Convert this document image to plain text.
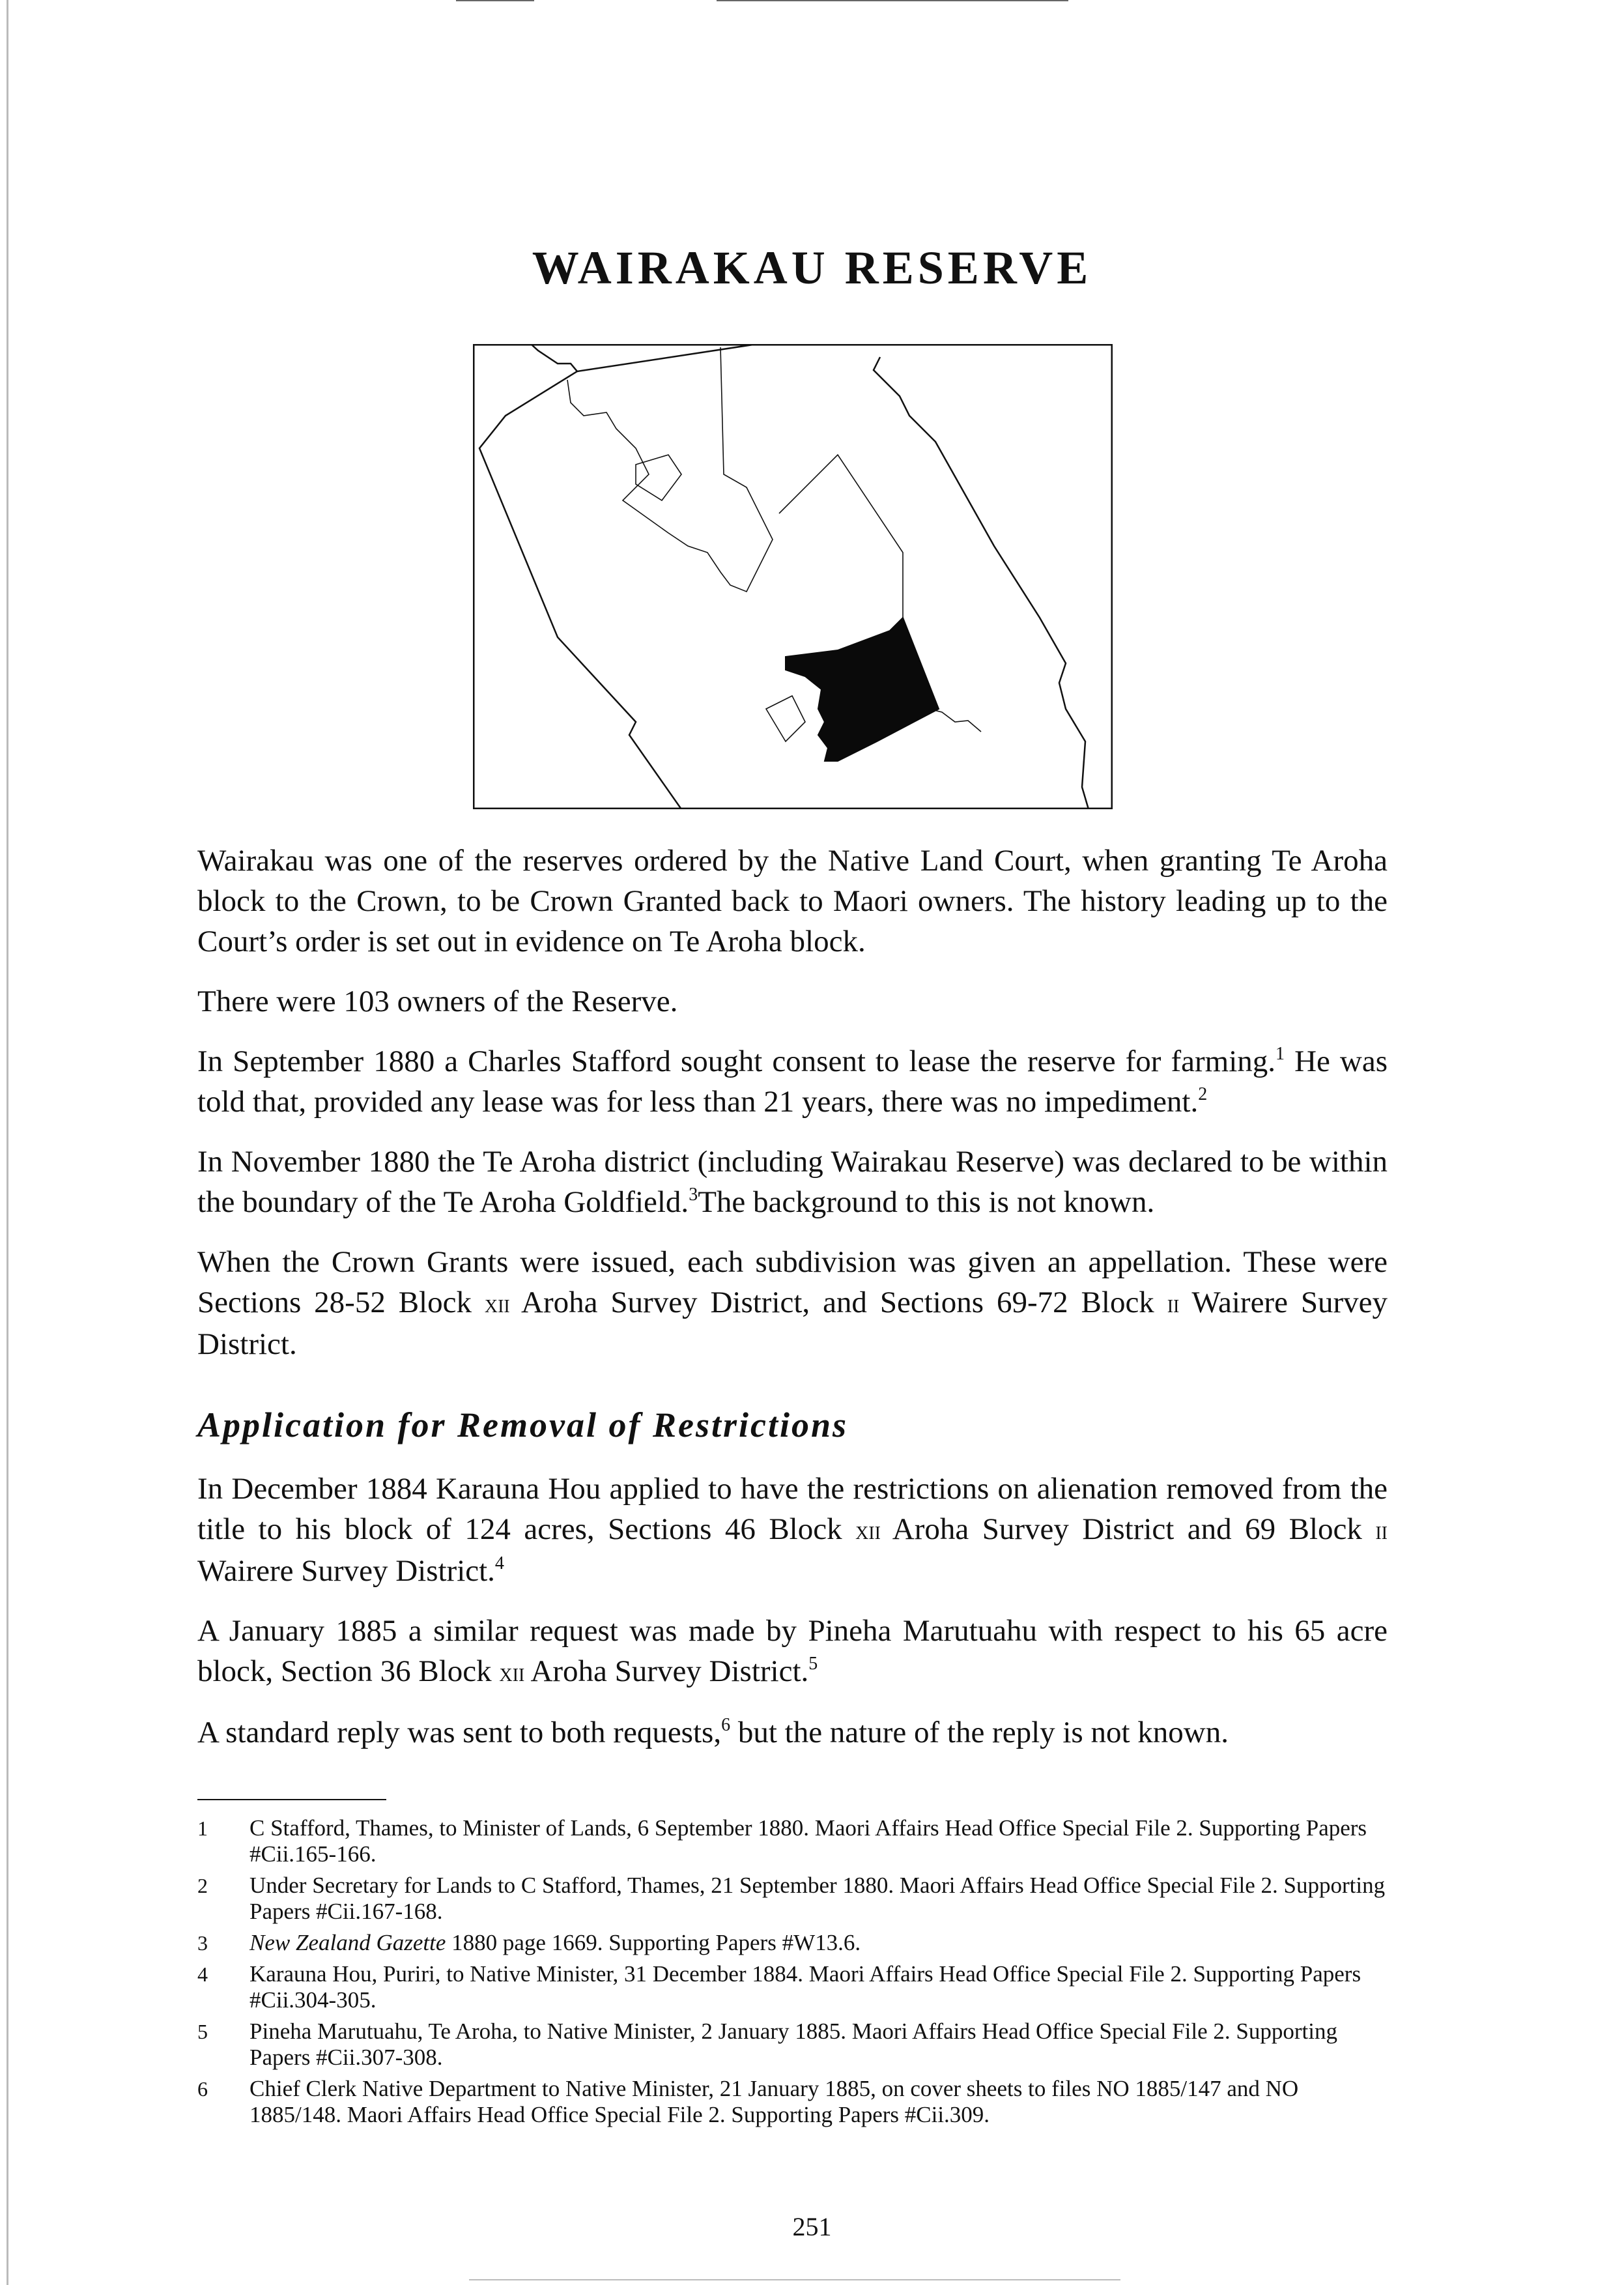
WAIRAKAU RESERVE

Wairakau was one of the reserves ordered by the Native Land Court, when granting Te Aroha block to the Crown, to be Crown Granted back to Maori owners. The history leading up to the Court’s order is set out in evidence on Te Aroha block.

There were 103 owners of the Reserve.

In September 1880 a Charles Stafford sought consent to lease the reserve for farming.$^1$ He was told that, provided any lease was for less than 21 years, there was no impediment.$^2$

In November 1880 the Te Aroha district (including Wairakau Reserve) was declared to be within the boundary of the Te Aroha Goldfield.$^3$The background to this is not known.

When the Crown Grants were issued, each subdivision was given an appellation. These were Sections 28-52 Block xii Aroha Survey District, and Sections 69-72 Block ii Wairere Survey District.

Application for Removal of Restrictions

In December 1884 Karauna Hou applied to have the restrictions on alienation removed from the title to his block of 124 acres, Sections 46 Block xii Aroha Survey District and 69 Block ii Wairere Survey District.$^4$

A January 1885 a similar request was made by Pineha Marutuahu with respect to his 65 acre block, Section 36 Block xii Aroha Survey District.$^5$

A standard reply was sent to both requests,$^6$ but the nature of the reply is not known.

1 C Stafford, Thames, to Minister of Lands, 6 September 1880. Maori Affairs Head Office Special File 2. Supporting Papers #Cii.165-166.
2 Under Secretary for Lands to C Stafford, Thames, 21 September 1880. Maori Affairs Head Office Special File 2. Supporting Papers #Cii.167-168.
3 New Zealand Gazette 1880 page 1669. Supporting Papers #W13.6.
4 Karauna Hou, Puriri, to Native Minister, 31 December 1884. Maori Affairs Head Office Special File 2. Supporting Papers #Cii.304-305.
5 Pineha Marutuahu, Te Aroha, to Native Minister, 2 January 1885. Maori Affairs Head Office Special File 2. Supporting Papers #Cii.307-308.
6 Chief Clerk Native Department to Native Minister, 21 January 1885, on cover sheets to files NO 1885/147 and NO 1885/148. Maori Affairs Head Office Special File 2. Supporting Papers #Cii.309.
251
